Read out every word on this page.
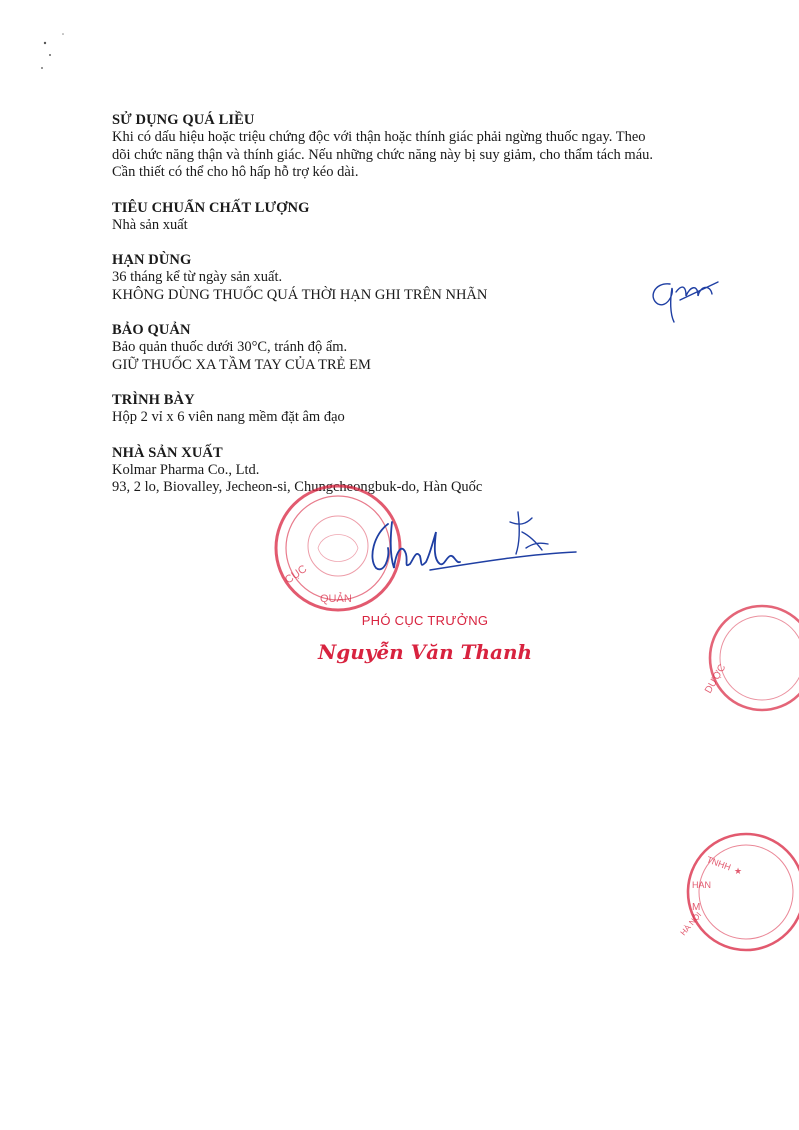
SỬ DỤNG QUÁ LIỀU
Khi có dấu hiệu hoặc triệu chứng độc với thận hoặc thính giác phải ngừng thuốc ngay. Theo
dõi chức năng thận và thính giác. Nếu những chức năng này bị suy giảm, cho thẩm tách máu.
Cần thiết có thể cho hô hấp hỗ trợ kéo dài.
TIÊU CHUẨN CHẤT LƯỢNG
Nhà sản xuất
HẠN DÙNG
36 tháng kể từ ngày sản xuất.
KHÔNG DÙNG THUỐC QUÁ THỜI HẠN GHI TRÊN NHÃN
BẢO QUẢN
Bảo quản thuốc dưới 30°C, tránh độ ẩm.
GIỮ THUỐC XA TẦM TAY CỦA TRẺ EM
TRÌNH BÀY
Hộp 2 vỉ x 6 viên nang mềm đặt âm đạo
NHÀ SẢN XUẤT
Kolmar Pharma Co., Ltd.
93, 2 lo, Biovalley, Jecheon-si, Chungcheongbuk-do, Hàn Quốc
CỤC
QUẢN
PHÓ CỤC TRƯỞNG
Nguyễn Văn Thanh
DƯỢC
TNHH
HAN
M
HÀ NỘI
★
